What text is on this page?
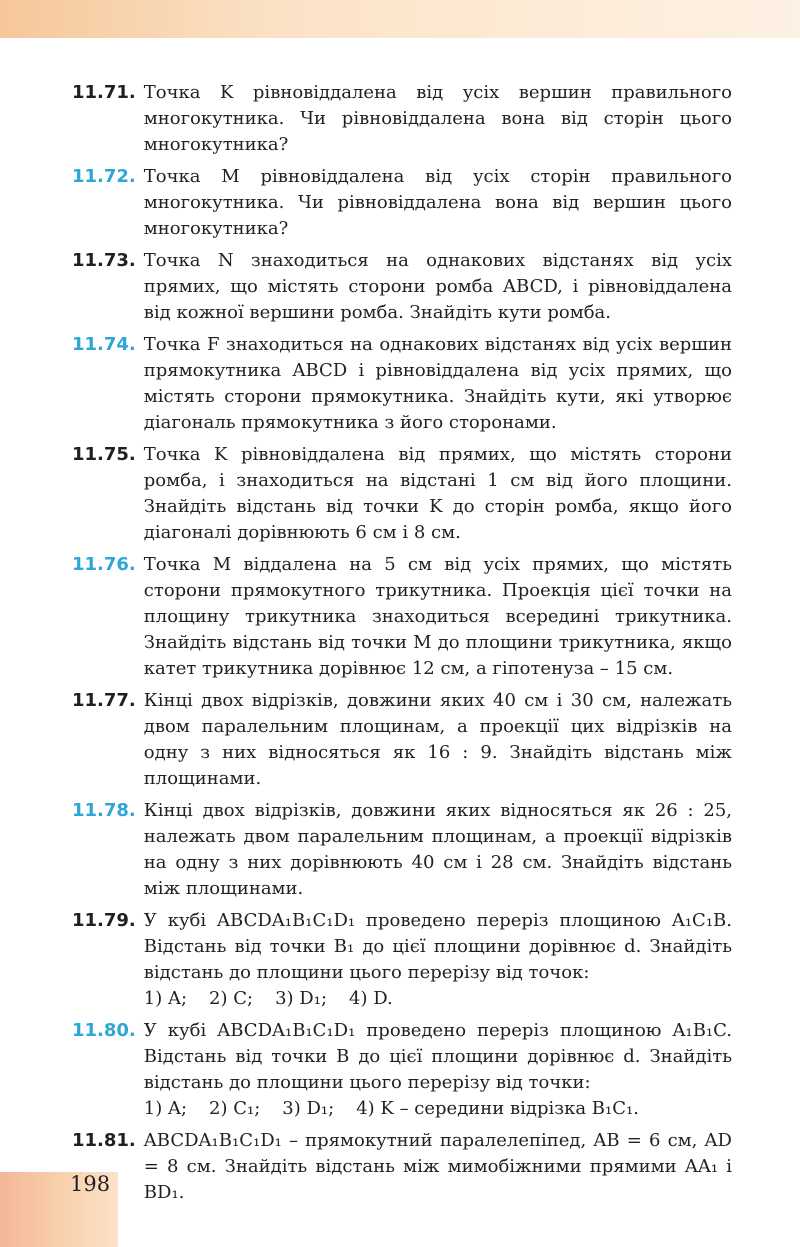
11.71. Точка K рівновіддалена від усіх вершин правильного многокутника. Чи рівновіддалена вона від сторін цього многокутника?

11.72. Точка M рівновіддалена від усіх сторін правильного многокутника. Чи рівновіддалена вона від вершин цього многокутника?

11.73. Точка N знаходиться на однакових відстанях від усіх прямих, що містять сторони ромба ABCD, і рівновіддалена від кожної вершини ромба. Знайдіть кути ромба.

11.74. Точка F знаходиться на однакових відстанях від усіх вершин прямокутника ABCD і рівновіддалена від усіх прямих, що містять сторони прямокутника. Знайдіть кути, які утворює діагональ прямокутника з його сторонами.

11.75. Точка K рівновіддалена від прямих, що містять сторони ромба, і знаходиться на відстані 1 см від його площини. Знайдіть відстань від точки K до сторін ромба, якщо його діагоналі дорівнюють 6 см і 8 см.

11.76. Точка M віддалена на 5 см від усіх прямих, що містять сторони прямокутного трикутника. Проекція цієї точки на площину трикутника знаходиться всередині трикутника. Знайдіть відстань від точки M до площини трикутника, якщо катет трикутника дорівнює 12 см, а гіпотенуза – 15 см.

11.77. Кінці двох відрізків, довжини яких 40 см і 30 см, належать двом паралельним площинам, а проекції цих відрізків на одну з них відносяться як 16 : 9. Знайдіть відстань між площинами.

11.78. Кінці двох відрізків, довжини яких відносяться як 26 : 25, належать двом паралельним площинам, а проекції відрізків на одну з них дорівнюють 40 см і 28 см. Знайдіть відстань між площинами.

11.79. У кубі ABCDA₁B₁C₁D₁ проведено переріз площиною A₁C₁B. Відстань від точки B₁ до цієї площини дорівнює d. Знайдіть відстань до площини цього перерізу від точок:

1) A; 2) C; 3) D₁; 4) D.
11.80. У кубі ABCDA₁B₁C₁D₁ проведено переріз площиною A₁B₁C. Відстань від точки B до цієї площини дорівнює d. Знайдіть відстань до площини цього перерізу від точки:

1) A; 2) C₁; 3) D₁; 4) K – середини відрізка B₁C₁.
11.81. ABCDA₁B₁C₁D₁ – прямокутний паралелепіпед, AB = 6 см, AD = 8 см. Знайдіть відстань між мимобіжними прямими AA₁ і BD₁.

198
